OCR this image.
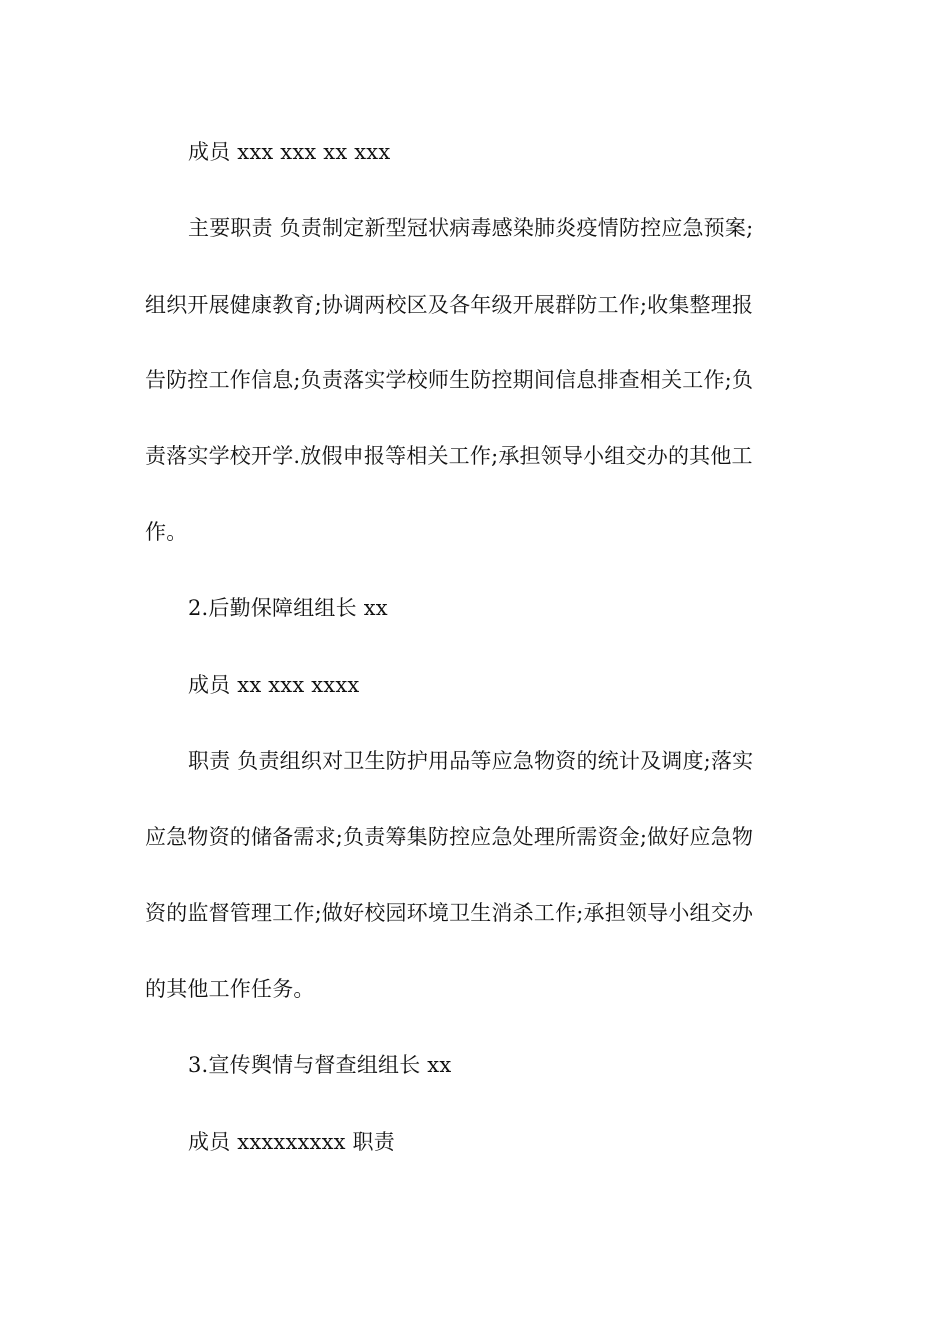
成员 xxx xxx xx xxx
主要职责 负责制定新型冠状病毒感染肺炎疫情防控应急预案;
组织开展健康教育;协调两校区及各年级开展群防工作;收集整理报
告防控工作信息;负责落实学校师生防控期间信息排查相关工作;负
责落实学校开学.放假申报等相关工作;承担领导小组交办的其他工
作。
2.后勤保障组组长 xx
成员 xx xxx xxxx
职责 负责组织对卫生防护用品等应急物资的统计及调度;落实
应急物资的储备需求;负责筹集防控应急处理所需资金;做好应急物
资的监督管理工作;做好校园环境卫生消杀工作;承担领导小组交办
的其他工作任务。
3.宣传舆情与督查组组长 xx
成员 xxxxxxxxx 职责
